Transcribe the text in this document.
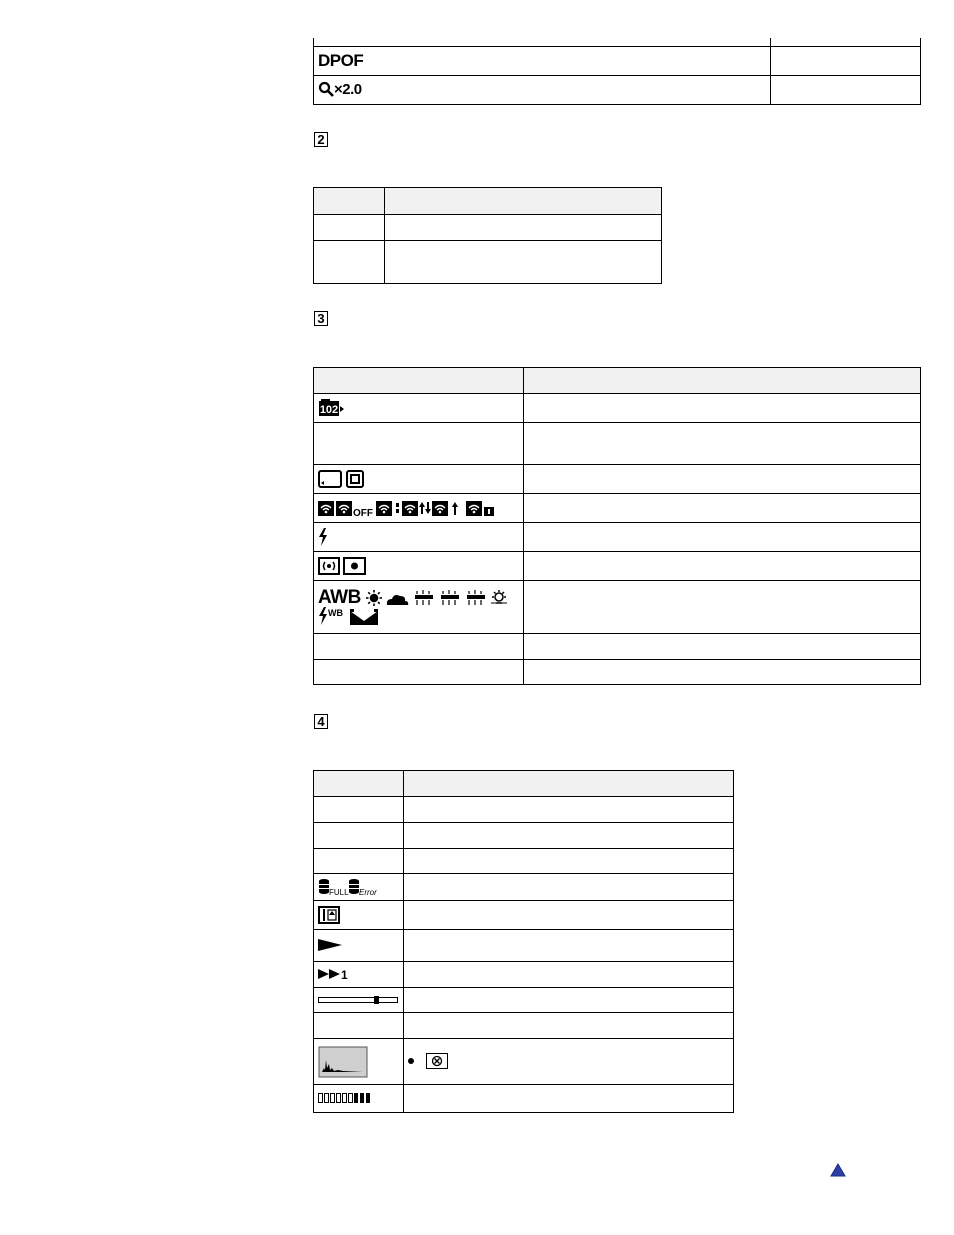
DPOF	

×2.0	
2

3

102	

OFF	

AWB

WB	

4

FULL Error	

1	
